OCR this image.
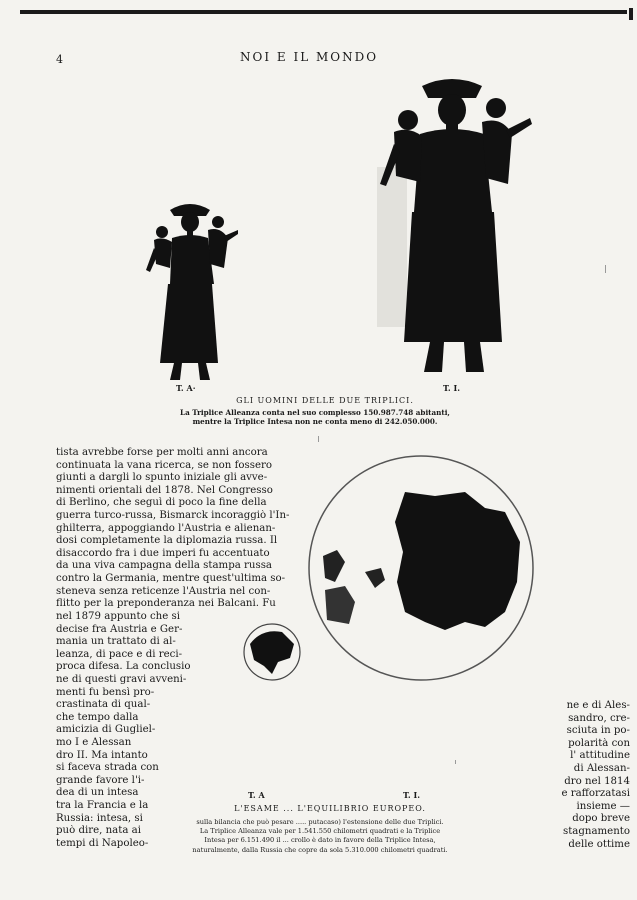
4	NOI E IL MONDO
T. A·	T. I.
GLI UOMINI DELLE DUE TRIPLICI.
La Triplice Alleanza conta nel suo complesso 150.987.748 abitanti,
mentre la Triplice Intesa non ne conta meno di 242.050.000.
tista avrebbe forse per molti anni ancora
continuata la vana ricerca, se non fossero
giunti a dargli lo spunto iniziale gli avve-
nimenti orientali del 1878. Nel Congresso
di Berlino, che seguì di poco la fine della
guerra turco-russa, Bismarck incoraggiò l'In-
ghilterra, appoggiando l'Austria e alienan-
dosi completamente la diplomazia russa. Il
disaccordo fra i due imperi fu accentuato
da una viva campagna della stampa russa
contro la Germania, mentre quest'ultima so-
steneva senza reticenze l'Austria nel con-
flitto per la preponderanza nei Balcani. Fu
nel 1879 appunto che si
decise fra Austria e Ger-
mania un trattato di al-
leanza, di pace e di reci-
proca difesa. La conclusio
ne di questi gravi avveni-
menti fu bensì pro-
crastinata di qual-
che tempo dalla
amicizia di Gugliel-
mo I e Alessan
dro II. Ma intanto
si faceva strada con
grande favore l'i-
dea di un intesa
tra la Francia e la
Russia: intesa, si
può dire, nata ai
tempi di Napoleo-
T. A	T. I.
L'ESAME ... L'EQUILIBRIO EUROPEO.
sulla bilancia che può pesare ..... putacaso) l'estensione delle due Triplici.
La Triplice Alleanza vale per 1.541.550 chilometri quadrati e la Triplice
Intesa per 6.151.490 il ... crollo è dato in favore della Triplice Intesa,
naturalmente, dalla Russia che copre da sola 5.310.000 chilometri quadrati.
ne e di Ales-
sandro, cre-
sciuta in po-
polarità con
l' attitudine
di Alessan-
dro nel 1814
e rafforzatasi
insieme —
dopo breve
stagnamento
delle ottime
